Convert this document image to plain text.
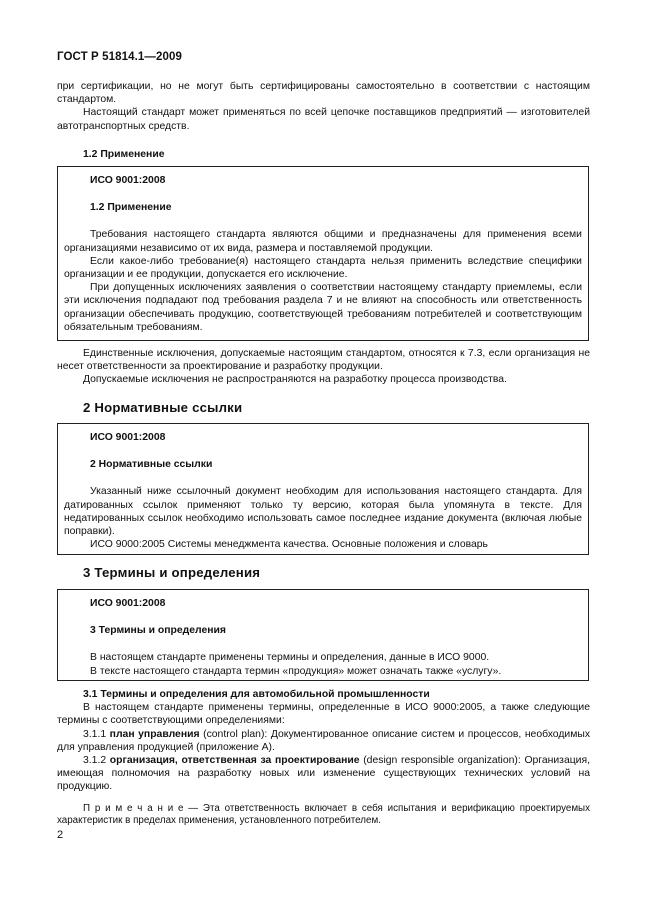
ГОСТ Р 51814.1—2009

при сертификации, но не могут быть сертифицированы самостоятельно в соответствии с настоящим стандартом.

Настоящий стандарт может применяться по всей цепочке поставщиков предприятий — изготовителей автотранспортных средств.

1.2 Применение
ИСО 9001:2008
1.2 Применение

Требования настоящего стандарта являются общими и предназначены для применения всеми организациями независимо от их вида, размера и поставляемой продукции.

Если какое-либо требование(я) настоящего стандарта нельзя применить вследствие специфики организации и ее продукции, допускается его исключение.

При допущенных исключениях заявления о соответствии настоящему стандарту приемлемы, если эти исключения подпадают под требования раздела 7 и не влияют на способность или ответственность организации обеспечивать продукцию, соответствующей требованиям потребителей и соответствующим обязательным требованиям.

Единственные исключения, допускаемые настоящим стандартом, относятся к 7.3, если организация не несет ответственности за проектирование и разработку продукции.

Допускаемые исключения не распространяются на разработку процесса производства.

2 Нормативные ссылки
ИСО 9001:2008
2 Нормативные ссылки

Указанный ниже ссылочный документ необходим для использования настоящего стандарта. Для датированных ссылок применяют только ту версию, которая была упомянута в тексте. Для недатированных ссылок необходимо использовать самое последнее издание документа (включая любые поправки).

ИСО 9000:2005 Системы менеджмента качества. Основные положения и словарь

3 Термины и определения
ИСО 9001:2008
3 Термины и определения

В настоящем стандарте применены термины и определения, данные в ИСО 9000.

В тексте настоящего стандарта термин «продукция» может означать также «услугу».

3.1 Термины и определения для автомобильной промышленности

В настоящем стандарте применены термины, определенные в ИСО 9000:2005, а также следующие термины с соответствующими определениями:

3.1.1 план управления (control plan): Документированное описание систем и процессов, необходимых для управления продукцией (приложение А).

3.1.2 организация, ответственная за проектирование (design responsible organization): Организация, имеющая полномочия на разработку новых или изменение существующих технических условий на продукцию.

П р и м е ч а н и е — Эта ответственность включает в себя испытания и верификацию проектируемых характеристик в пределах применения, установленного потребителем.

2
